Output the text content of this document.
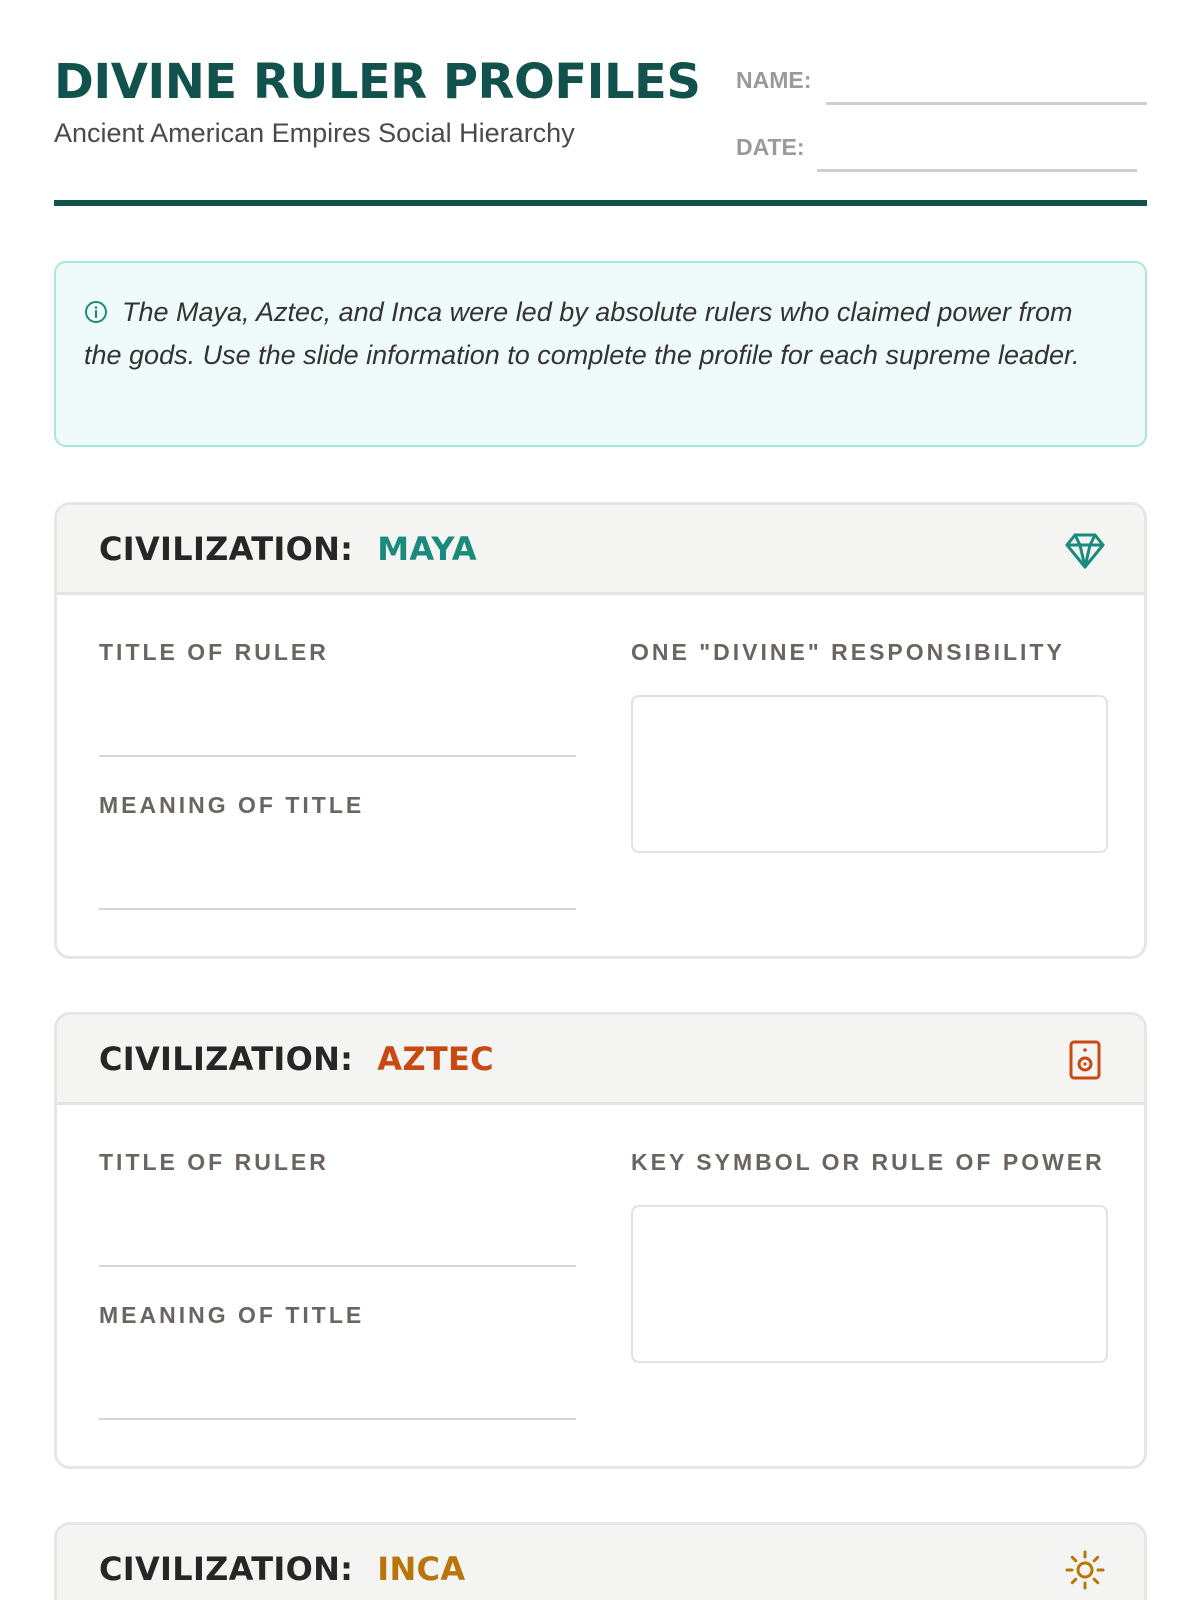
DIVINE RULER PROFILES
Ancient American Empires Social Hierarchy
NAME:
DATE:
The Maya, Aztec, and Inca were led by absolute rulers who claimed power from the gods. Use the slide information to complete the profile for each supreme leader.
CIVILIZATION: MAYA
TITLE OF RULER
MEANING OF TITLE
ONE "DIVINE" RESPONSIBILITY
CIVILIZATION: AZTEC
TITLE OF RULER
MEANING OF TITLE
KEY SYMBOL OR RULE OF POWER
CIVILIZATION: INCA
